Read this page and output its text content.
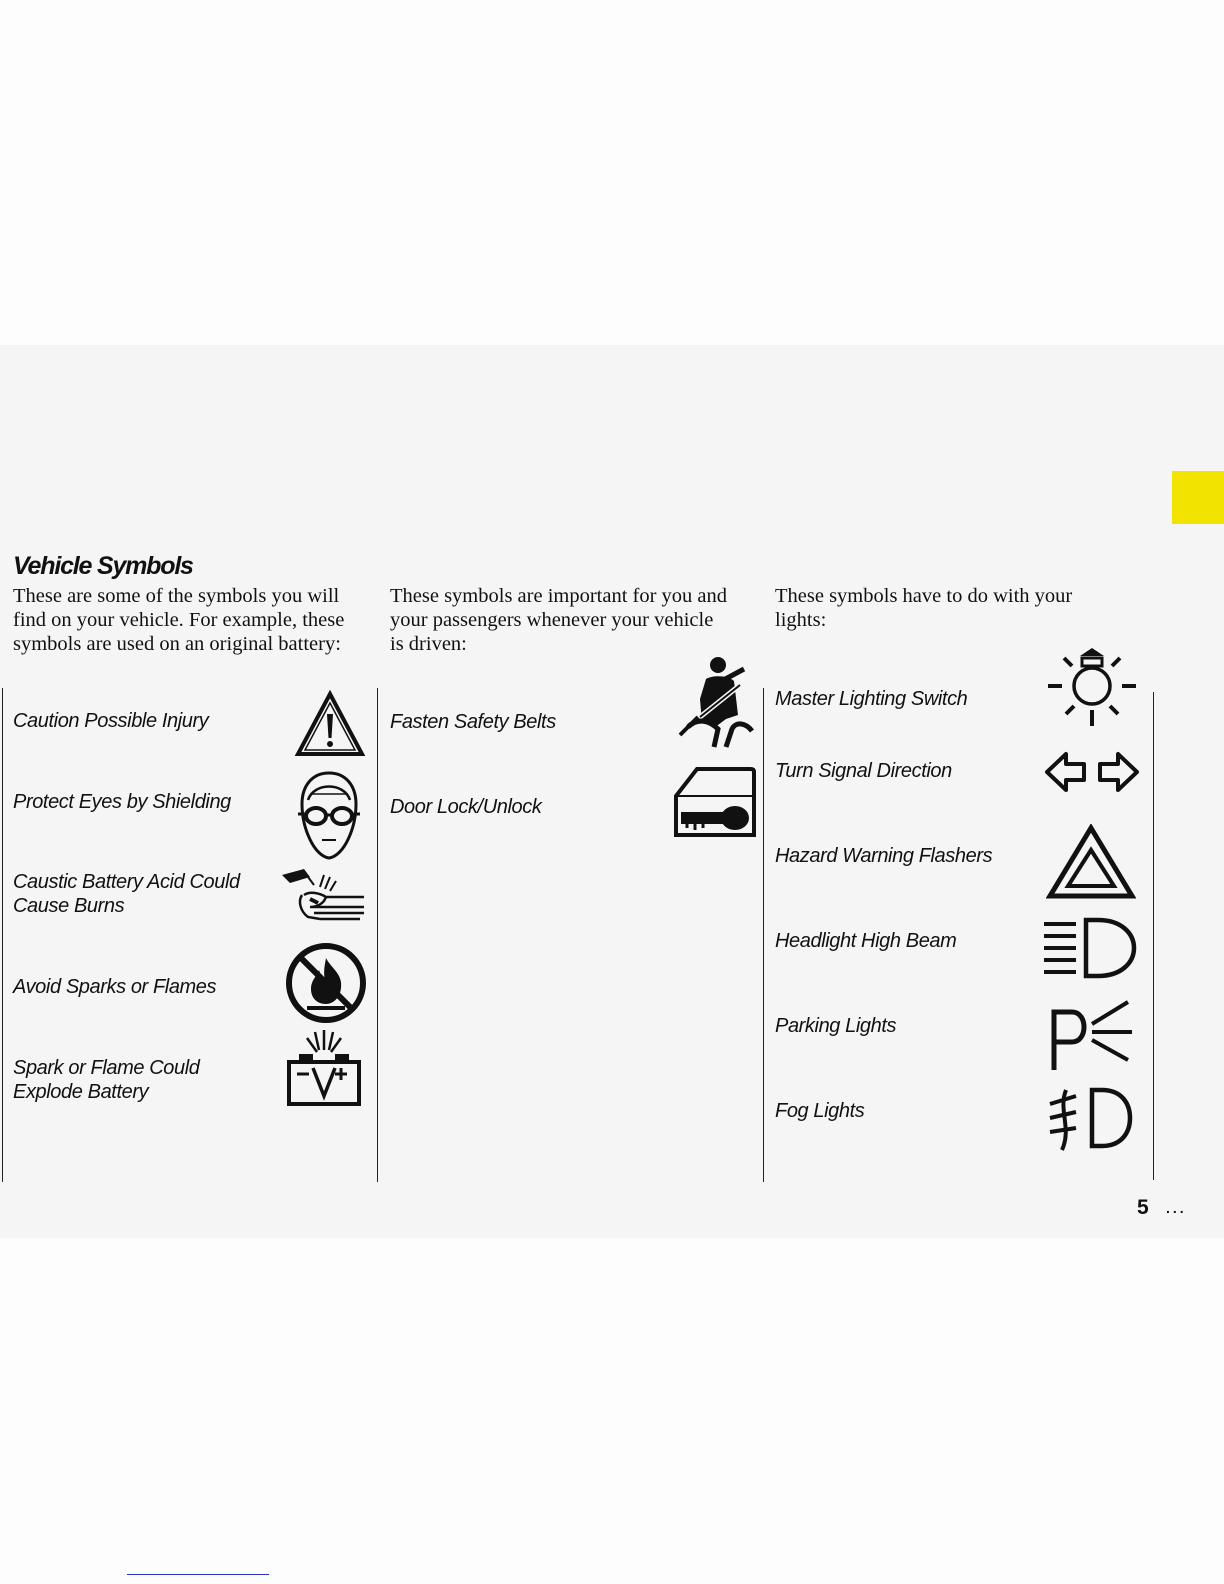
Vehicle Symbols

These are some of the symbols you will find on your vehicle. For example, these symbols are used on an original battery:

These symbols are important for you and your passengers whenever your vehicle is driven:

These symbols have to do with your lights:

Caution Possible Injury

Protect Eyes by Shielding

Caustic Battery Acid Could Cause Burns

Avoid Sparks or Flames

Spark or Flame Could Explode Battery

Fasten Safety Belts

Door Lock/Unlock

Master Lighting Switch

Turn Signal Direction

Hazard Warning Flashers

Headlight High Beam

Parking Lights

Fog Lights

5 ...
